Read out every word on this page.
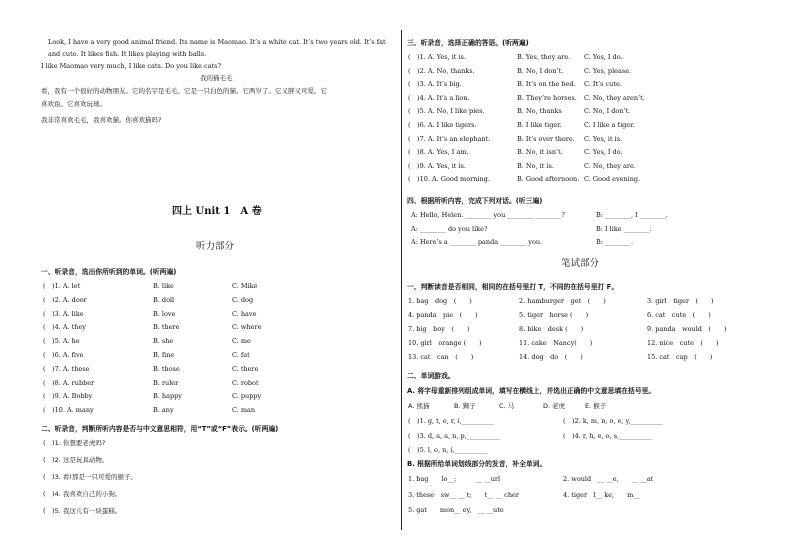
Look, I have a very good animal friend. Its name is Maomao. It’s a white cat. It’s two years old. It’s fat
and cute. It likes fish. It likes playing with balls.
I like Maomao very much, I like cats. Do you like cats?
我的猫毛毛
看，我有一个很好的动物朋友。它的名字是毛毛。它是一只白色的猫。它两岁了。它又胖又可爱。它
喜欢鱼。它喜欢玩球。
我非常喜欢毛毛，我喜欢猫。你喜欢猫吗?
四上 Unit 1　A 卷
听力部分
一、听录音，选出你所听到的单词。(听两遍)
(　)1. A. let	B. like	C. Mike
(　)2. A. door	B. doll	C. dog
(　)3. A. like	B. love	C. have
(　)4. A. they	B. there	C. where
(　)5. A. he	B. she	C. me
(　)6. A. five	B. fine	C. fat
(　)7. A. these	B. those	C. there
(　)8. A. rubber	B. ruler	C. robot
(　)9. A. Bobby	B. happy	C. puppy
(　)10. A. many	B. any	C. man
二、听录音，判断所听内容是否与中文意思相符，用“T”或“F”表示。(听两遍)
(　)1. 你想要老虎吗?
(　)2. 这是玩具动物。
(　)3. 看!那是一只可爱的猴子。
(　)4. 我喜欢自己的小狗。
(　)5. 我这儿有一块蛋糕。
三、听录音，选择正确的答语。(听两遍)
(　)1. A. Yes, it is.	B. Yes, they are. C. Yes, I do.
(　)2. A. No, thanks.	B. No, I don’t.	C. Yes, please.
(　)3. A. It’s big.	B. It’s on the bed. C. It’s cute.
(　)4. A. It’s a lion.	B. They’re horses. C. No, they aren’t.
(　)5. A. No, I like pies.	B. No, thanks	C. No, I don’t.
(　)6. A. I like tigers.	B. I like tiger.	C. I like a tiger.
(　)7. A. It’s an elephant.	B. It’s over there. C. Yes, it is.
(　)8. A. Yes, I am.	B. No, it isn’t.	C. Yes, I do.
(　)9. A. Yes, it is.	B. No, it is.	C. No, they are.
(　)10. A. Good morning.	B. Good afternoon. C. Good evening.
四、根据所听内容，完成下列对话。(听三遍)
A: Hello, Helen. ________ you ________ ________?	B: ________, I ________.
A: ________ do you like?	B: I like ________.
A: Here’s a ________ panda ________ you.	B: ________.
笔试部分
一、判断读音是否相同，相同的在括号里打 T，不同的在括号里打 F。
1. bag　dog　(　　)	2. hamburger　get　(　　)	3. girl　tiger　(　　)
4. panda　pie　(　　)	5. tiger　horse (　　)	6. cat　cute　(　　)
7. big　boy　(　　)	8. bike　desk (　　)	9. panda　would　(　　)
10. girl　orange (　　)	11. cake　Nancy(　　)	12. nice　cute　(　　)
13. cat　can　(　　)	14. dog　do　(　　)	15. cat　cap　(　　)
二、单词游戏。
A. 将字母重新排列组成单词，填写在横线上，并选出正确的中文意思填在括号里。
A. 熊猫	B. 狮子	C. 马	D. 老虎	E. 猴子
(　)1. g, t, e, r, i,__________	(　)2. k, m, n, o, e, y,__________
(　)3. d, a, a, n, p,__________	(　)4. r, h, e, o, s,__________
(　)5. l, o, n, i,__________
B. 根据所给单词划线部分的发音，补全单词。
1. bag　　lo__;　　　__ __url	2. would　__ __e,　　__ __at
3. these　sw__ __ t;　　t__ __ cher	4. tiger　l__ ke,　　m__
5. gat　　mon__ ey,　__ __ute
